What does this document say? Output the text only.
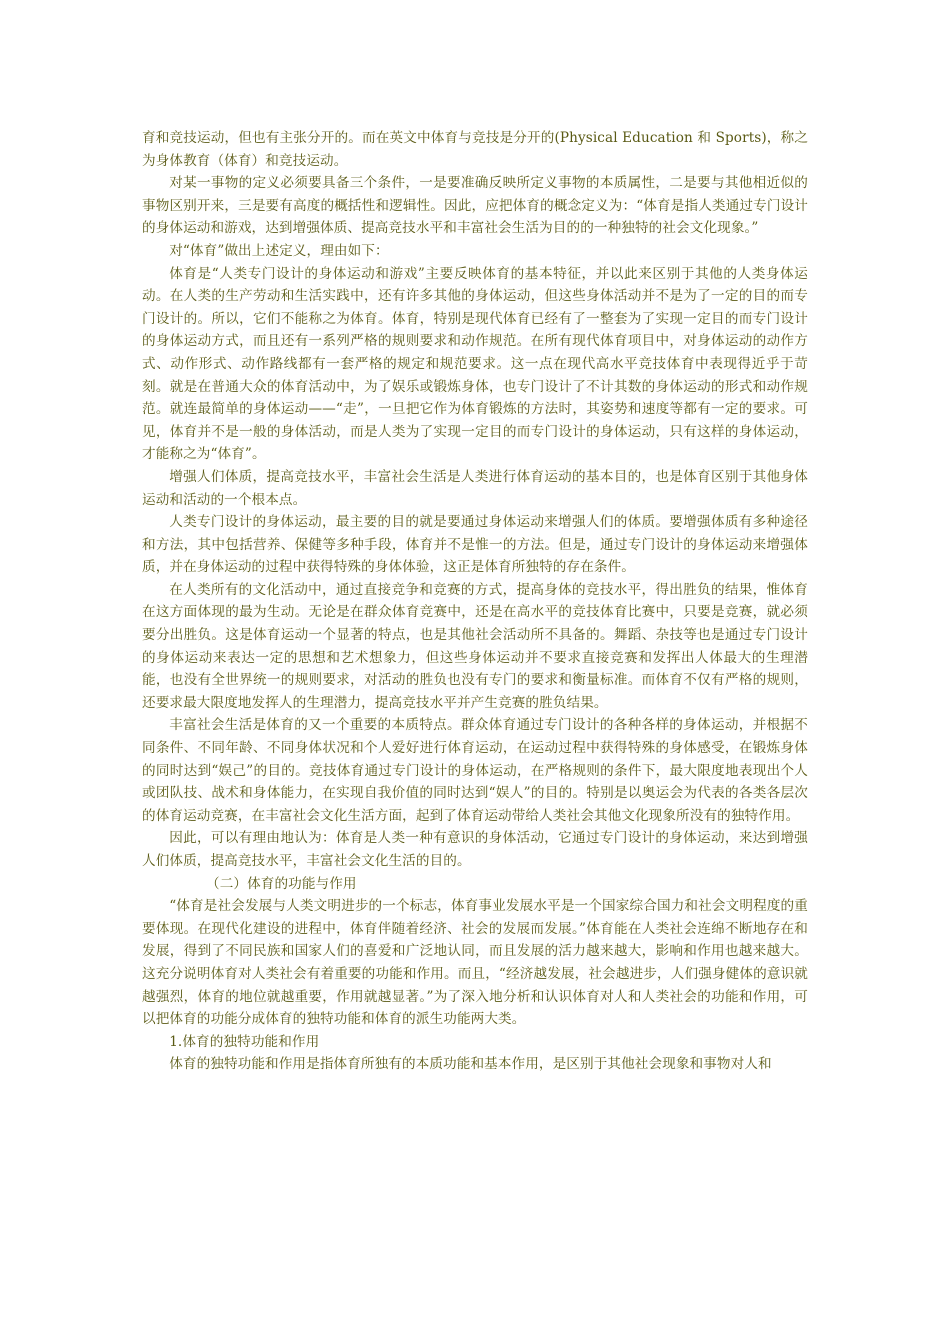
育和竞技运动，但也有主张分开的。而在英文中体育与竞技是分开的(Physical Education 和 Sports)，称之为身体教育（体育）和竞技运动。

对某一事物的定义必须要具备三个条件，一是要准确反映所定义事物的本质属性，二是要与其他相近似的事物区别开来，三是要有高度的概括性和逻辑性。因此，应把体育的概念定义为：“体育是指人类通过专门设计的身体运动和游戏，达到增强体质、提高竞技水平和丰富社会生活为目的的一种独特的社会文化现象。”

对“体育”做出上述定义，理由如下：

体育是“人类专门设计的身体运动和游戏”主要反映体育的基本特征，并以此来区别于其他的人类身体运动。在人类的生产劳动和生活实践中，还有许多其他的身体运动，但这些身体活动并不是为了一定的目的而专门设计的。所以，它们不能称之为体育。体育，特别是现代体育已经有了一整套为了实现一定目的而专门设计的身体运动方式，而且还有一系列严格的规则要求和动作规范。在所有现代体育项目中，对身体运动的动作方式、动作形式、动作路线都有一套严格的规定和规范要求。这一点在现代高水平竞技体育中表现得近乎于苛刻。就是在普通大众的体育活动中，为了娱乐或锻炼身体，也专门设计了不计其数的身体运动的形式和动作规范。就连最简单的身体运动——“走”，一旦把它作为体育锻炼的方法时，其姿势和速度等都有一定的要求。可见，体育并不是一般的身体活动，而是人类为了实现一定目的而专门设计的身体运动，只有这样的身体运动，才能称之为“体育”。

增强人们体质，提高竞技水平，丰富社会生活是人类进行体育运动的基本目的，也是体育区别于其他身体运动和活动的一个根本点。

人类专门设计的身体运动，最主要的目的就是要通过身体运动来增强人们的体质。要增强体质有多种途径和方法，其中包括营养、保健等多种手段，体育并不是惟一的方法。但是，通过专门设计的身体运动来增强体质，并在身体运动的过程中获得特殊的身体体验，这正是体育所独特的存在条件。

在人类所有的文化活动中，通过直接竞争和竞赛的方式，提高身体的竞技水平，得出胜负的结果，惟体育在这方面体现的最为生动。无论是在群众体育竞赛中，还是在高水平的竞技体育比赛中，只要是竞赛，就必须要分出胜负。这是体育运动一个显著的特点，也是其他社会活动所不具备的。舞蹈、杂技等也是通过专门设计的身体运动来表达一定的思想和艺术想象力，但这些身体运动并不要求直接竞赛和发挥出人体最大的生理潜能，也没有全世界统一的规则要求，对活动的胜负也没有专门的要求和衡量标准。而体育不仅有严格的规则，还要求最大限度地发挥人的生理潜力，提高竞技水平并产生竞赛的胜负结果。

丰富社会生活是体育的又一个重要的本质特点。群众体育通过专门设计的各种各样的身体运动，并根据不同条件、不同年龄、不同身体状况和个人爱好进行体育运动，在运动过程中获得特殊的身体感受，在锻炼身体的同时达到“娱己”的目的。竞技体育通过专门设计的身体运动，在严格规则的条件下，最大限度地表现出个人或团队技、战术和身体能力，在实现自我价值的同时达到“娱人”的目的。特别是以奥运会为代表的各类各层次的体育运动竞赛，在丰富社会文化生活方面，起到了体育运动带给人类社会其他文化现象所没有的独特作用。

因此，可以有理由地认为：体育是人类一种有意识的身体活动，它通过专门设计的身体运动，来达到增强人们体质，提高竞技水平，丰富社会文化生活的目的。

（二）体育的功能与作用

“体育是社会发展与人类文明进步的一个标志，体育事业发展水平是一个国家综合国力和社会文明程度的重要体现。在现代化建设的进程中，体育伴随着经济、社会的发展而发展。”体育能在人类社会连绵不断地存在和发展，得到了不同民族和国家人们的喜爱和广泛地认同，而且发展的活力越来越大，影响和作用也越来越大。这充分说明体育对人类社会有着重要的功能和作用。而且，“经济越发展，社会越进步，人们强身健体的意识就越强烈，体育的地位就越重要，作用就越显著。”为了深入地分析和认识体育对人和人类社会的功能和作用，可以把体育的功能分成体育的独特功能和体育的派生功能两大类。

1.体育的独特功能和作用

体育的独特功能和作用是指体育所独有的本质功能和基本作用，是区别于其他社会现象和事物对人和
